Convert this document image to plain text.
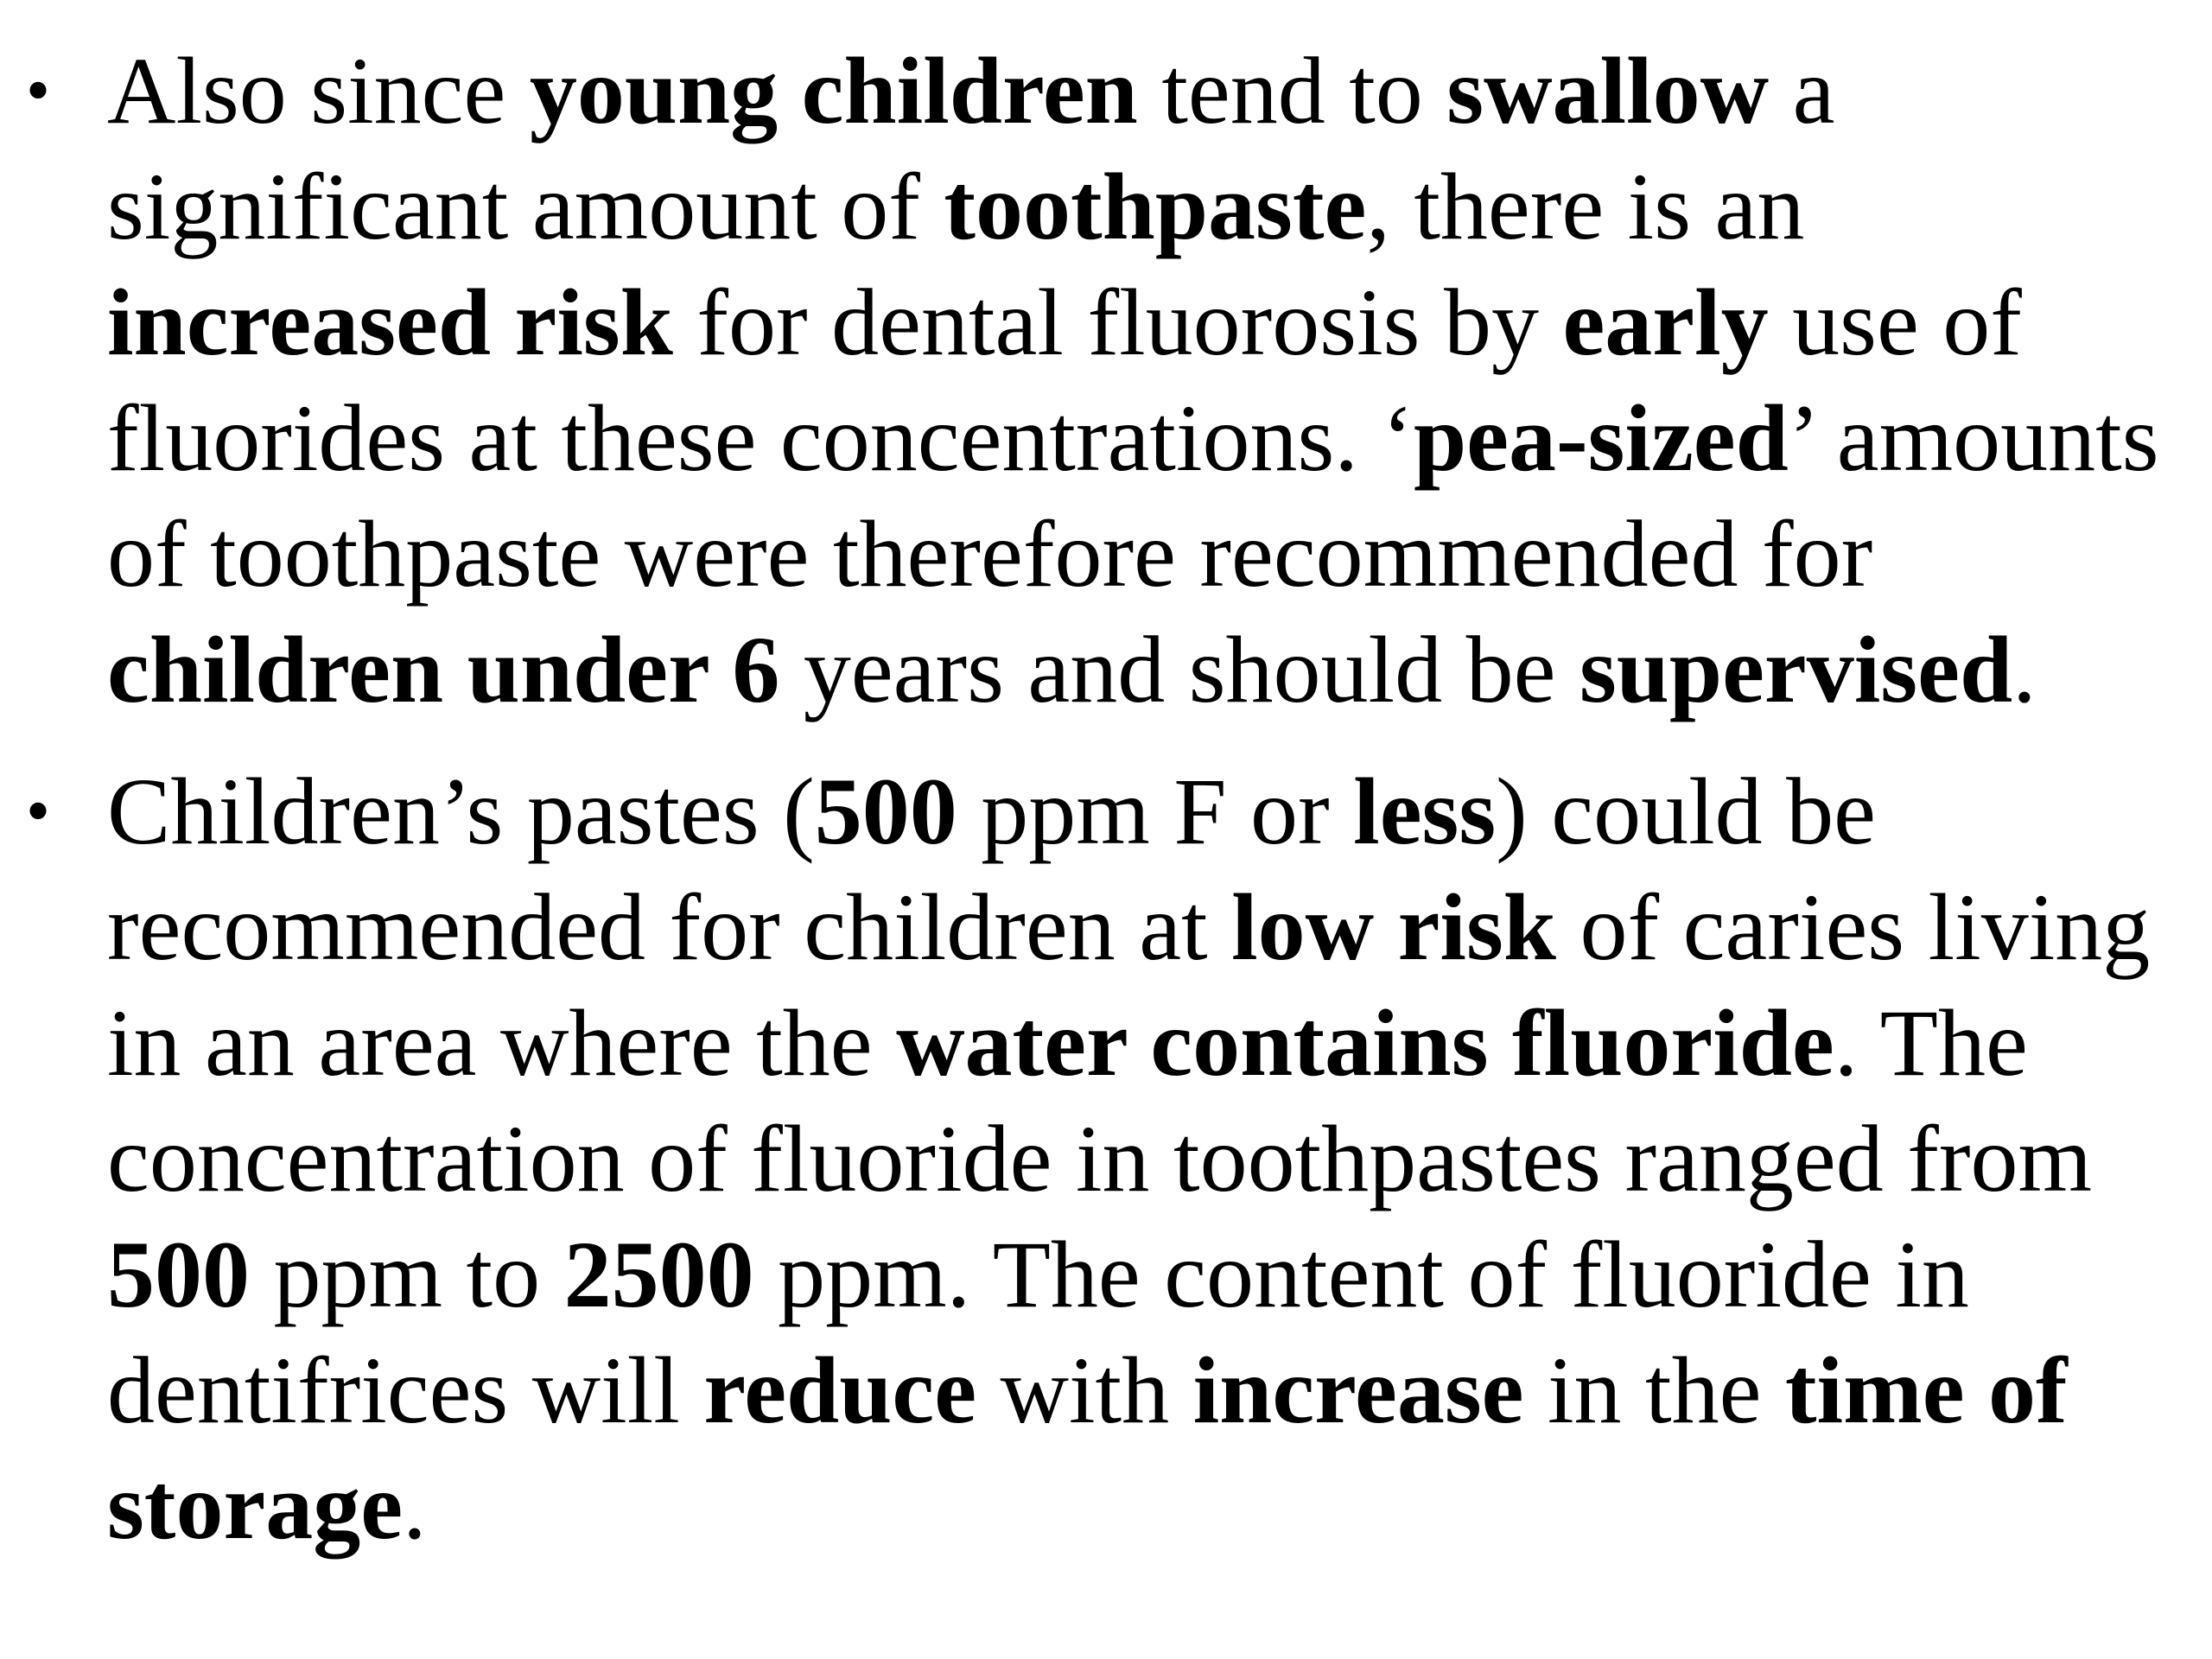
• Also since young children tend to swallow a
significant amount of toothpaste, there is an
increased risk for dental fluorosis by early use of
fluorides at these concentrations. ‘pea-sized’ amounts
of toothpaste were therefore recommended for
children under 6 years and should be supervised.
• Children’s pastes (500 ppm F or less) could be
recommended for children at low risk of caries living
in an area where the water contains fluoride. The
concentration of fluoride in toothpastes ranged from
500 ppm to 2500 ppm. The content of fluoride in
dentifrices will reduce with increase in the time of
storage.
